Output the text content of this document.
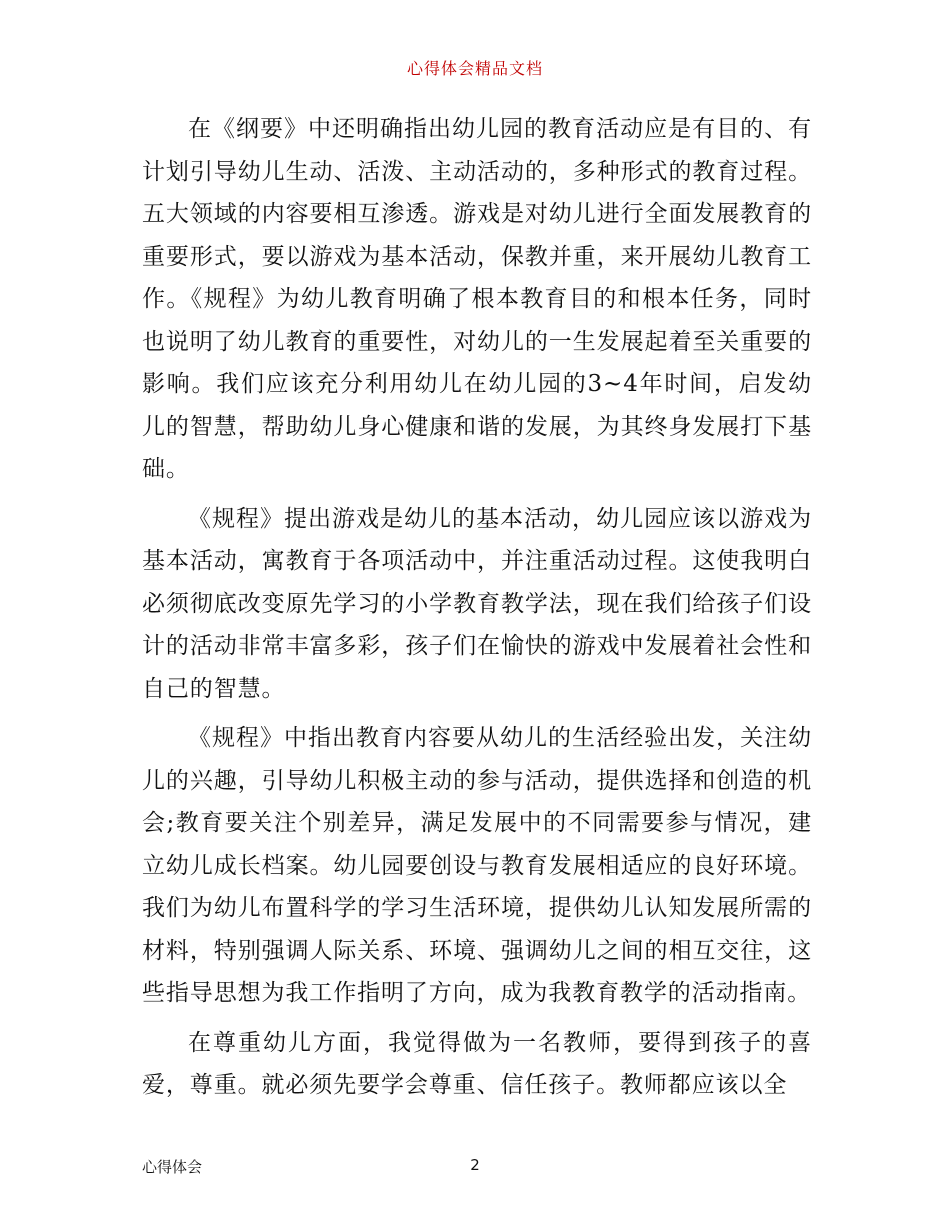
心得体会精品文档

在《纲要》中还明确指出幼儿园的教育活动应是有目的、有计划引导幼儿生动、活泼、主动活动的，多种形式的教育过程。五大领域的内容要相互渗透。游戏是对幼儿进行全面发展教育的重要形式，要以游戏为基本活动，保教并重，来开展幼儿教育工作。《规程》为幼儿教育明确了根本教育目的和根本任务，同时也说明了幼儿教育的重要性，对幼儿的一生发展起着至关重要的影响。我们应该充分利用幼儿在幼儿园的3~4年时间，启发幼儿的智慧，帮助幼儿身心健康和谐的发展，为其终身发展打下基础。

《规程》提出游戏是幼儿的基本活动，幼儿园应该以游戏为基本活动，寓教育于各项活动中，并注重活动过程。这使我明白必须彻底改变原先学习的小学教育教学法，现在我们给孩子们设计的活动非常丰富多彩，孩子们在愉快的游戏中发展着社会性和自己的智慧。

《规程》中指出教育内容要从幼儿的生活经验出发，关注幼儿的兴趣，引导幼儿积极主动的参与活动，提供选择和创造的机会;教育要关注个别差异，满足发展中的不同需要参与情况，建立幼儿成长档案。幼儿园要创设与教育发展相适应的良好环境。我们为幼儿布置科学的学习生活环境，提供幼儿认知发展所需的材料，特别强调人际关系、环境、强调幼儿之间的相互交往，这些指导思想为我工作指明了方向，成为我教育教学的活动指南。

在尊重幼儿方面，我觉得做为一名教师，要得到孩子的喜爱，尊重。就必须先要学会尊重、信任孩子。教师都应该以全

心得体会	2
